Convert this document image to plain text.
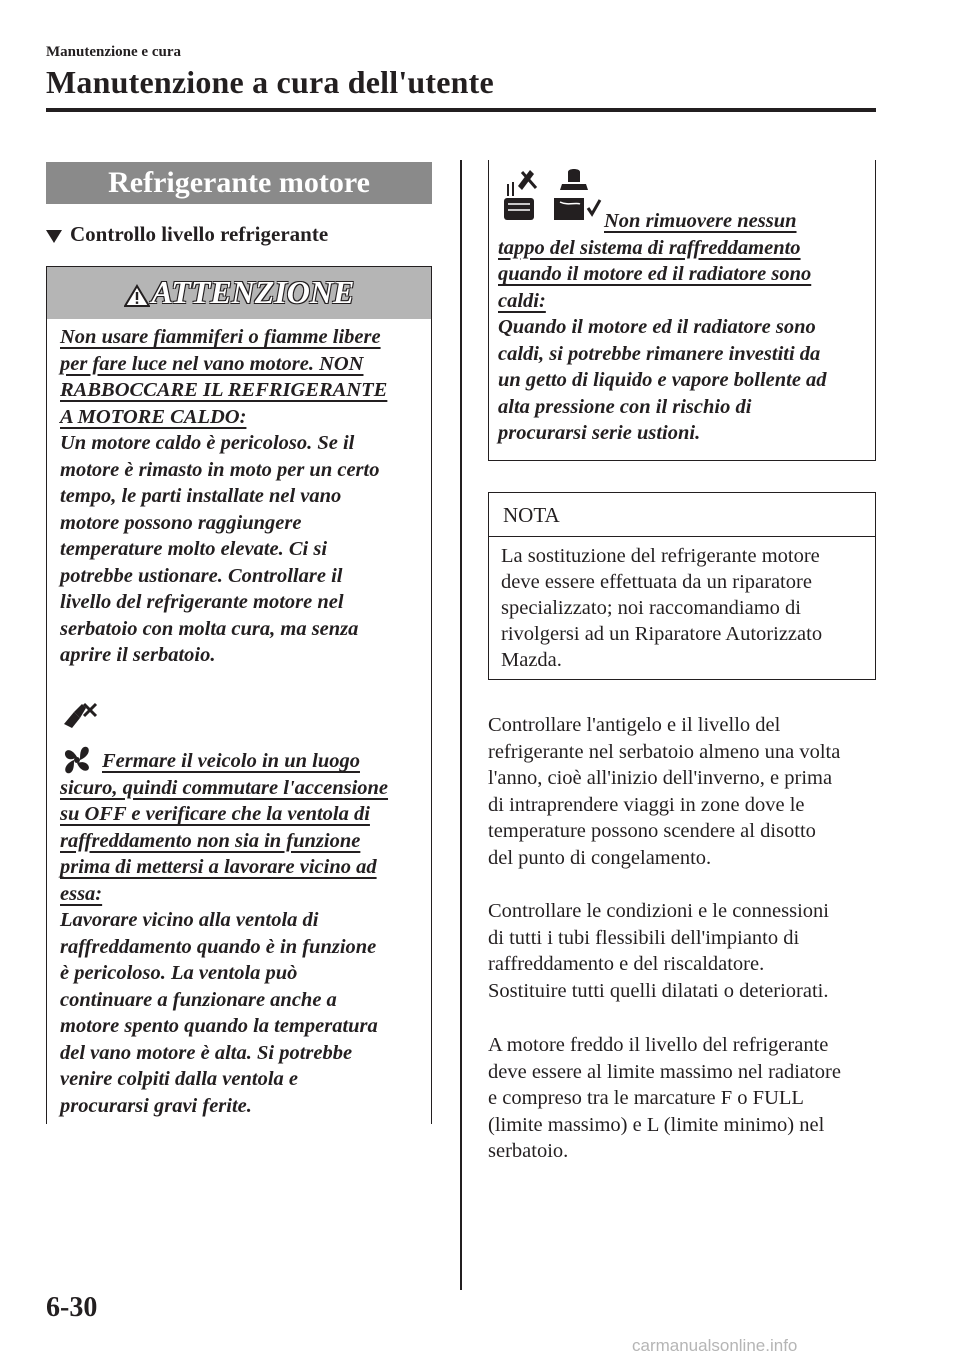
Manutenzione e cura
Manutenzione a cura dell'utente
Refrigerante motore
Controllo livello refrigerante
ATTENZIONE
Non usare fiammiferi o fiamme libere
per fare luce nel vano motore. NON
RABBOCCARE IL REFRIGERANTE
A MOTORE CALDO:
Un motore caldo è pericoloso. Se il
motore è rimasto in moto per un certo
tempo, le parti installate nel vano
motore possono raggiungere
temperature molto elevate. Ci si
potrebbe ustionare. Controllare il
livello del refrigerante motore nel
serbatoio con molta cura, ma senza
aprire il serbatoio.

Fermare il veicolo in un luogo
sicuro, quindi commutare l'accensione
su OFF e verificare che la ventola di
raffreddamento non sia in funzione
prima di mettersi a lavorare vicino ad
essa:
Lavorare vicino alla ventola di
raffreddamento quando è in funzione
è pericoloso. La ventola può
continuare a funzionare anche a
motore spento quando la temperatura
del vano motore è alta. Si potrebbe
venire colpiti dalla ventola e
procurarsi gravi ferite.

Non rimuovere nessun
tappo del sistema di raffreddamento
quando il motore ed il radiatore sono
caldi:
Quando il motore ed il radiatore sono
caldi, si potrebbe rimanere investiti da
un getto di liquido e vapore bollente ad
alta pressione con il rischio di
procurarsi serie ustioni.
NOTA
La sostituzione del refrigerante motore
deve essere effettuata da un riparatore
specializzato; noi raccomandiamo di
rivolgersi ad un Riparatore Autorizzato
Mazda.
Controllare l'antigelo e il livello del
refrigerante nel serbatoio almeno una volta
l'anno, cioè all'inizio dell'inverno, e prima
di intraprendere viaggi in zone dove le
temperature possono scendere al disotto
del punto di congelamento.
Controllare le condizioni e le connessioni
di tutti i tubi flessibili dell'impianto di
raffreddamento e del riscaldatore.
Sostituire tutti quelli dilatati o deteriorati.
A motore freddo il livello del refrigerante
deve essere al limite massimo nel radiatore
e compreso tra le marcature F o FULL
(limite massimo) e L (limite minimo) nel
serbatoio.
6-30
carmanualsonline.info
